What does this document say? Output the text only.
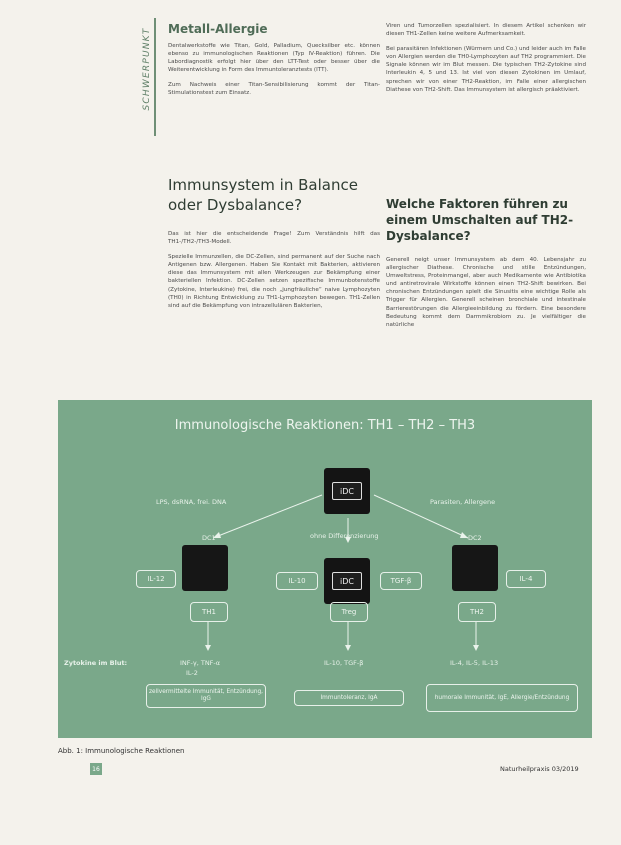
SCHWERPUNKT Metall-Allergie

Dentalwerkstoffe wie Titan, Gold, Palladium, Quecksilber etc. können ebenso zu immunologischen Reaktionen (Typ IV-Reaktion) führen. Die Labordiagnostik erfolgt hier über den LTT-Test oder besser über die Weiterentwicklung in Form des Immuntoleranztests (ITT).

Zum Nachweis einer Titan-Sensibilisierung kommt der Titan-Stimulationstest zum Einsatz.

Immunsystem in Balance oder Dysbalance?

Das ist hier die entscheidende Frage! Zum Verständnis hilft das TH1-/TH2-/TH3-Modell.

Spezielle Immunzellen, die DC-Zellen, sind permanent auf der Suche nach Antigenen bzw. Allergenen. Haben Sie Kontakt mit Bakterien, aktivieren diese das Immunsystem mit allen Werkzeugen zur Bekämpfung einer bakteriellen Infektion. DC-Zellen setzen spezifische Immunbotenstoffe (Zytokine, Interleukine) frei, die noch „jungfräuliche“ naive Lymphozyten (TH0) in Richtung Entwicklung zu TH1-Lymphozyten bewegen. TH1-Zellen sind auf die Bekämpfung von intrazellulären Bakterien,

Viren und Tumorzellen spezialisiert. In diesem Artikel schenken wir diesen TH1-Zellen keine weitere Aufmerksamkeit.

Bei parasitären Infektionen (Würmern und Co.) und leider auch im Falle von Allergien werden die TH0-Lymphozyten auf TH2 programmiert. Die Signale können wir im Blut messen. Die typischen TH2-Zytokine sind Interleukin 4, 5 und 13. Ist viel von diesen Zytokinen im Umlauf, sprechen wir von einer TH2-Reaktion, im Falle einer allergischen Diathese von TH2-Shift. Das Immunsystem ist allergisch präaktiviert.

Welche Faktoren führen zu einem Umschalten auf TH2-Dysbalance?

Generell neigt unser Immunsystem ab dem 40. Lebensjahr zu allergischer Diathese. Chronische und stille Entzündungen, Umweltstress, Proteinmangel, aber auch Medikamente wie Antibiotika und antiretrovirale Wirkstoffe können einen TH2-Shift bewirken. Bei chronischen Entzündungen spielt die Sinusitis eine wichtige Rolle als Trigger für Allergien. Generell scheinen bronchiale und intestinale Barrierestörungen die Allergieeinbildung zu fördern. Eine besondere Bedeutung kommt dem Darmmikrobiom zu. Je vielfältiger die natürliche

Immunologische Reaktionen: TH1 – TH2 – TH3
iDC
LPS, dsRNA, frei. DNA	Parasiten, Allergene
ohne Differenzierung
DC1	DC2
iDC
IL-12	IL-10	TGF-β	IL-4
TH1	Treg	TH2
Zytokine im Blut:	INF-γ, TNF-α
IL-2
IL-10, TGF-β	IL-4, IL-5, IL-13
zellvermittelte Immunität, Entzündung, IgG	Immuntoleranz, IgA	humorale Immunität, IgE, Allergie/Entzündung
Abb. 1: Immunologische Reaktionen
16	Naturheilpraxis 03/2019
